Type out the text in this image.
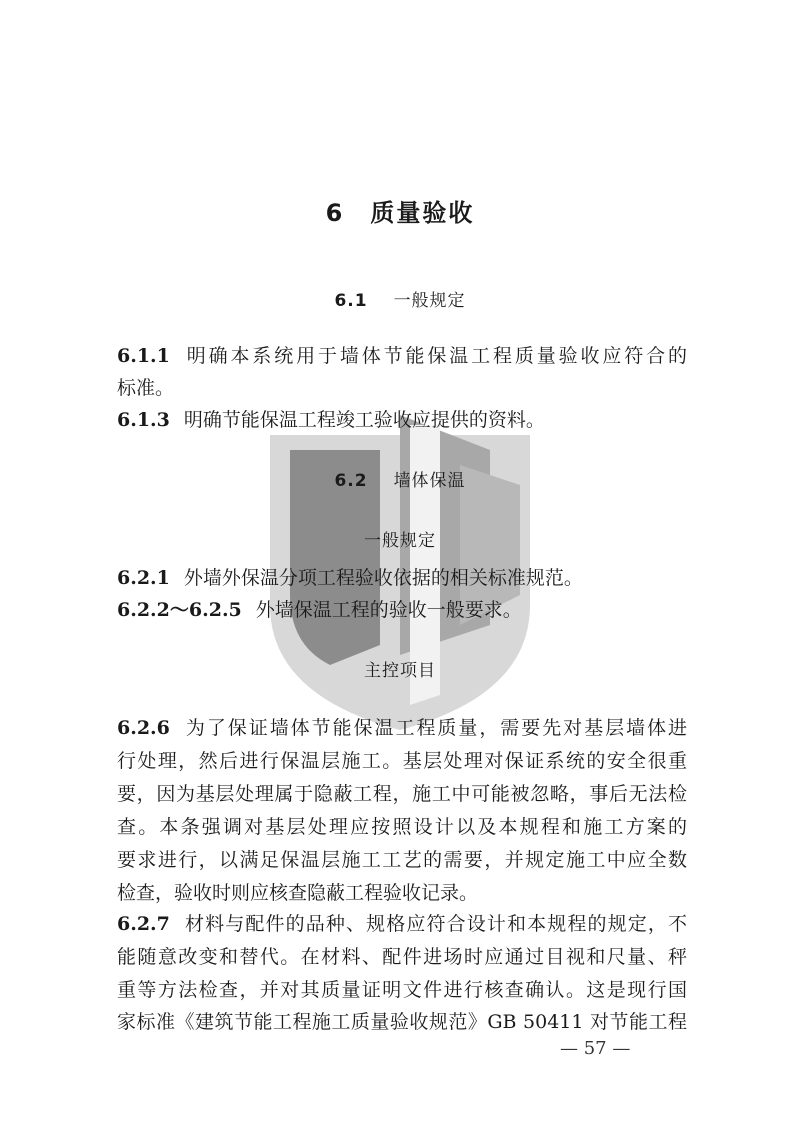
6　 质量验收
6.1 一般规定
6.1.1 明确本系统用于墙体节能保温工程质量验收应符合的
标准。
6.1.3 明确节能保温工程竣工验收应提供的资料。
6.2 墙体保温
一般规定
6.2.1 外墙外保温分项工程验收依据的相关标准规范。
6.2.2～6.2.5 外墙保温工程的验收一般要求。
主控项目
6.2.6 为了保证墙体节能保温工程质量，需要先对基层墙体进
行处理，然后进行保温层施工。基层处理对保证系统的安全很重
要，因为基层处理属于隐蔽工程，施工中可能被忽略，事后无法检
查。本条强调对基层处理应按照设计以及本规程和施工方案的
要求进行，以满足保温层施工工艺的需要，并规定施工中应全数
检查，验收时则应核查隐蔽工程验收记录。
6.2.7 材料与配件的品种、规格应符合设计和本规程的规定，不
能随意改变和替代。在材料、配件进场时应通过目视和尺量、秤
重等方法检查，并对其质量证明文件进行核查确认。这是现行国
家标准《建筑节能工程施工质量验收规范》GB 50411 对节能工程
— 57 —
